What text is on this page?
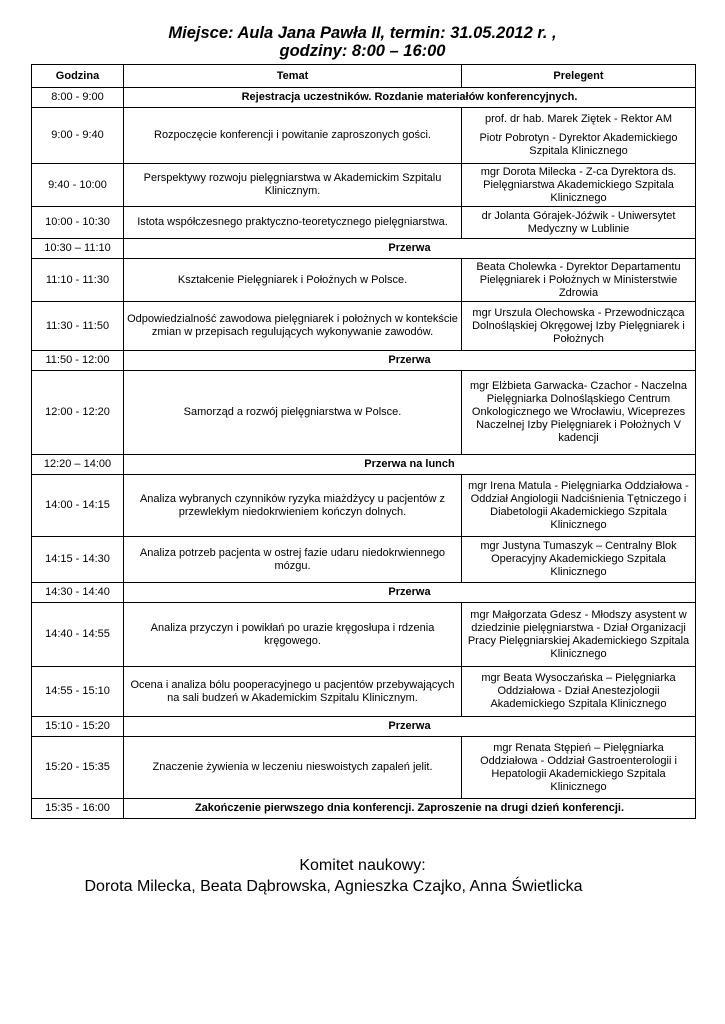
Miejsce: Aula Jana Pawła II, termin: 31.05.2012 r. ,
godziny: 8:00 – 16:00
Godzina	Temat	Prelegent
8:00 - 9:00	Rejestracja uczestników. Rozdanie materiałów konferencyjnych.	
9:00 - 9:40	Rozpoczęcie konferencji i powitanie zaproszonych gości.	prof. dr hab. Marek Ziętek - Rektor AM
Piotr Pobrotyn - Dyrektor Akademickiego Szpitala Klinicznego

9:40 - 10:00	Perspektywy rozwoju pielęgniarstwa w Akademickim Szpitalu Klinicznym.	mgr Dorota Milecka - Z-ca Dyrektora ds. Pielęgniarstwa Akademickiego Szpitala Klinicznego

10:00 - 10:30	Istota współczesnego praktyczno-teoretycznego pielęgniarstwa.	dr Jolanta Górajek-Jóźwik - Uniwersytet Medyczny w Lublinie

10:30 – 11:10	Przerwa	
11:10 - 11:30	Kształcenie Pielęgniarek i Położnych w Polsce.	Beata Cholewka - Dyrektor Departamentu Pielęgniarek i Położnych w Ministerstwie Zdrowia

11:30 - 11:50	Odpowiedzialność zawodowa pielęgniarek i położnych w kontekście zmian w przepisach regulujących wykonywanie zawodów.	mgr Urszula Olechowska - Przewodnicząca Dolnośląskiej Okręgowej Izby Pielęgniarek i Położnych

11:50 - 12:00	Przerwa	
12:00 - 12:20	Samorząd a rozwój pielęgniarstwa w Polsce.	mgr Elżbieta Garwacka- Czachor - Naczelna Pielęgniarka Dolnośląskiego Centrum Onkologicznego we Wrocławiu, Wiceprezes Naczelnej Izby Pielęgniarek i Położnych V kadencji

12:20 – 14:00	Przerwa na lunch	
14:00 - 14:15	Analiza wybranych czynników ryzyka miażdżycy u pacjentów z przewlekłym niedokrwieniem kończyn dolnych.	mgr Irena Matula - Pielęgniarka Oddziałowa - Oddział Angiologii Nadciśnienia Tętniczego i Diabetologii Akademickiego Szpitala Klinicznego

14:15 - 14:30	Analiza potrzeb pacjenta w ostrej fazie udaru niedokrwiennego mózgu.	mgr Justyna Tumaszyk – Centralny Blok Operacyjny Akademickiego Szpitala Klinicznego

14:30 - 14:40	Przerwa	
14:40 - 14:55	Analiza przyczyn i powikłań po urazie kręgosłupa i rdzenia kręgowego.	mgr Małgorzata Gdesz - Młodszy asystent w dziedzinie pielęgniarstwa - Dział Organizacji Pracy Pielęgniarskiej Akademickiego Szpitala Klinicznego

14:55 - 15:10	Ocena i analiza bólu pooperacyjnego u pacjentów przebywających na sali budzeń w Akademickim Szpitalu Klinicznym.	mgr Beata Wysoczańska – Pielęgniarka Oddziałowa - Dział Anestezjologii Akademickiego Szpitala Klinicznego

15:10 - 15:20	Przerwa	
15:20 - 15:35	Znaczenie żywienia w leczeniu nieswoistych zapaleń jelit.	mgr Renata Stępień – Pielęgniarka Oddziałowa - Oddział Gastroenterologii i Hepatologii Akademickiego Szpitala Klinicznego

15:35 - 16:00	Zakończenie pierwszego dnia konferencji. Zaproszenie na drugi dzień konferencji.	
Komitet naukowy:
Dorota Milecka, Beata Dąbrowska, Agnieszka Czajko, Anna Świetlicka
